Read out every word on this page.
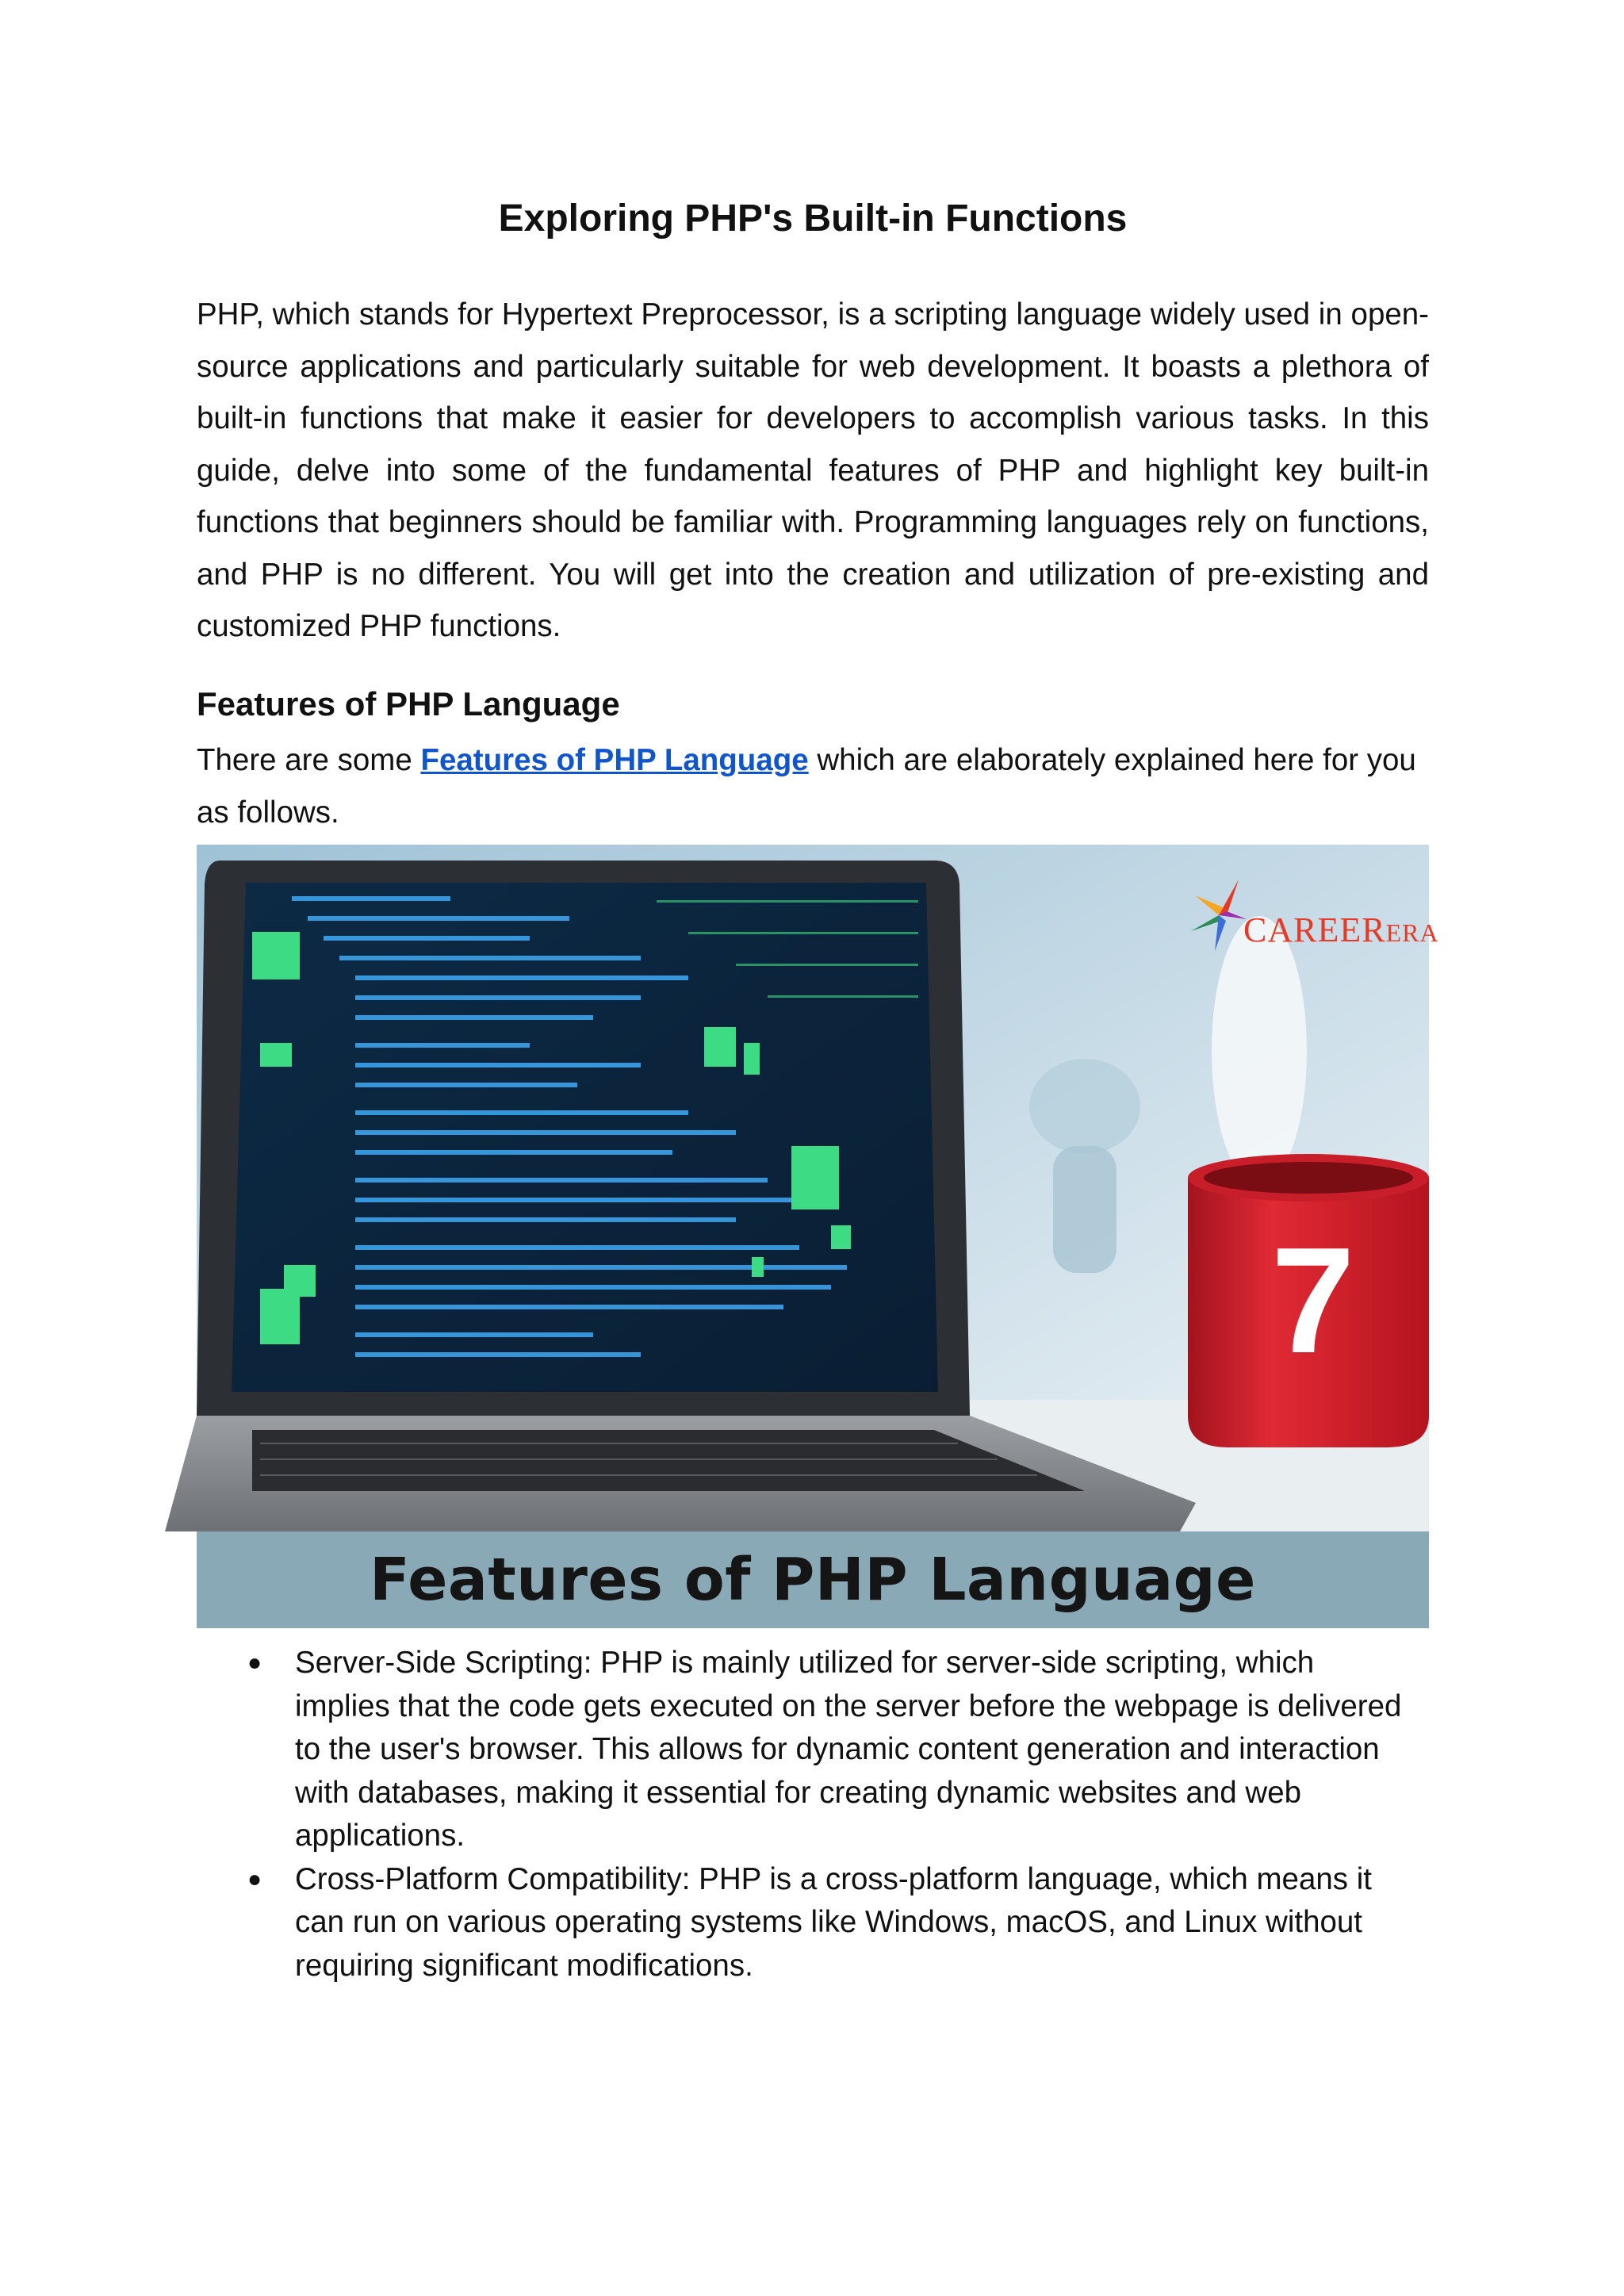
Exploring PHP's Built-in Functions

PHP, which stands for Hypertext Preprocessor, is a scripting language widely used in open-source applications and particularly suitable for web development. It boasts a plethora of built-in functions that make it easier for developers to accomplish various tasks. In this guide, delve into some of the fundamental features of PHP and highlight key built-in functions that beginners should be familiar with. Programming languages rely on functions, and PHP is no different. You will get into the creation and utilization of pre-existing and customized PHP functions.

Features of PHP Language

There are some Features of PHP Language which are elaborately explained here for you as follows.

7
CAREERERA
Features of PHP Language
● Server-Side Scripting: PHP is mainly utilized for server-side scripting, which implies that the code gets executed on the server before the webpage is delivered to the user's browser. This allows for dynamic content generation and interaction with databases, making it essential for creating dynamic websites and web applications.
● Cross-Platform Compatibility: PHP is a cross-platform language, which means it can run on various operating systems like Windows, macOS, and Linux without requiring significant modifications.
